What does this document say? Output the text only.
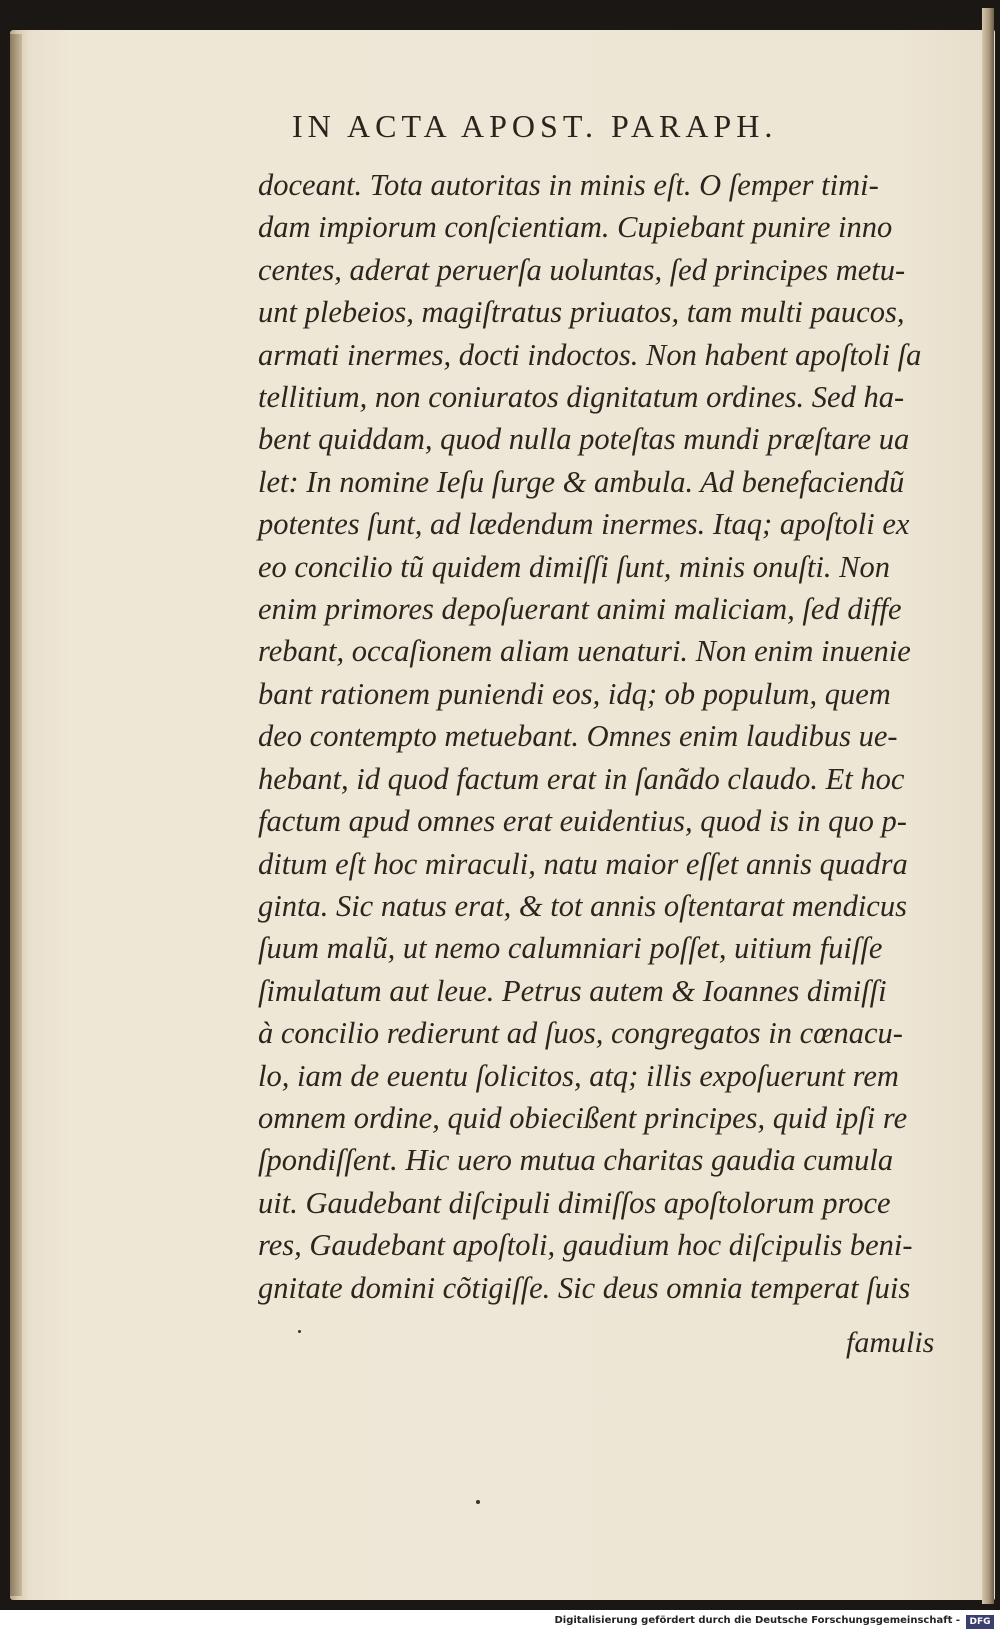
IN ACTA APOST. PARAPH.
doceant. Tota autoritas in minis eſt. O ſemper timi-
dam impiorum conſcientiam. Cupiebant punire inno
centes, aderat peruerſa uoluntas, ſed principes metu-
unt plebeios, magiſtratus priuatos, tam multi paucos,
armati inermes, docti indoctos. Non habent apoſtoli ſa
tellitium, non coniuratos dignitatum ordines. Sed ha-
bent quiddam, quod nulla poteſtas mundi præſtare ua
let: In nomine Ieſu ſurge & ambula. Ad benefaciendũ
potentes ſunt, ad lædendum inermes. Itaq; apoſtoli ex
eo concilio tũ quidem dimiſſi ſunt, minis onuſti. Non
enim primores depoſuerant animi maliciam, ſed diffe
rebant, occaſionem aliam uenaturi. Non enim inuenie
bant rationem puniendi eos, idq; ob populum, quem
deo contempto metuebant. Omnes enim laudibus ue-
hebant, id quod factum erat in ſanãdo claudo. Et hoc
factum apud omnes erat euidentius, quod is in quo p-
ditum eſt hoc miraculi, natu maior eſſet annis quadra
ginta. Sic natus erat, & tot annis oſtentarat mendicus
ſuum malũ, ut nemo calumniari poſſet, uitium fuiſſe
ſimulatum aut leue. Petrus autem & Ioannes dimiſſi
à concilio redierunt ad ſuos, congregatos in cœnacu-
lo, iam de euentu ſolicitos, atq; illis expoſuerunt rem
omnem ordine, quid obiecißent principes, quid ipſi re
ſpondiſſent. Hic uero mutua charitas gaudia cumula
uit. Gaudebant diſcipuli dimiſſos apoſtolorum proce
res, Gaudebant apoſtoli, gaudium hoc diſcipulis beni-
gnitate domini cõtigiſſe. Sic deus omnia temperat ſuis
famulis
Digitalisierung gefördert durch die Deutsche Forschungsgemeinschaft -	DFG
